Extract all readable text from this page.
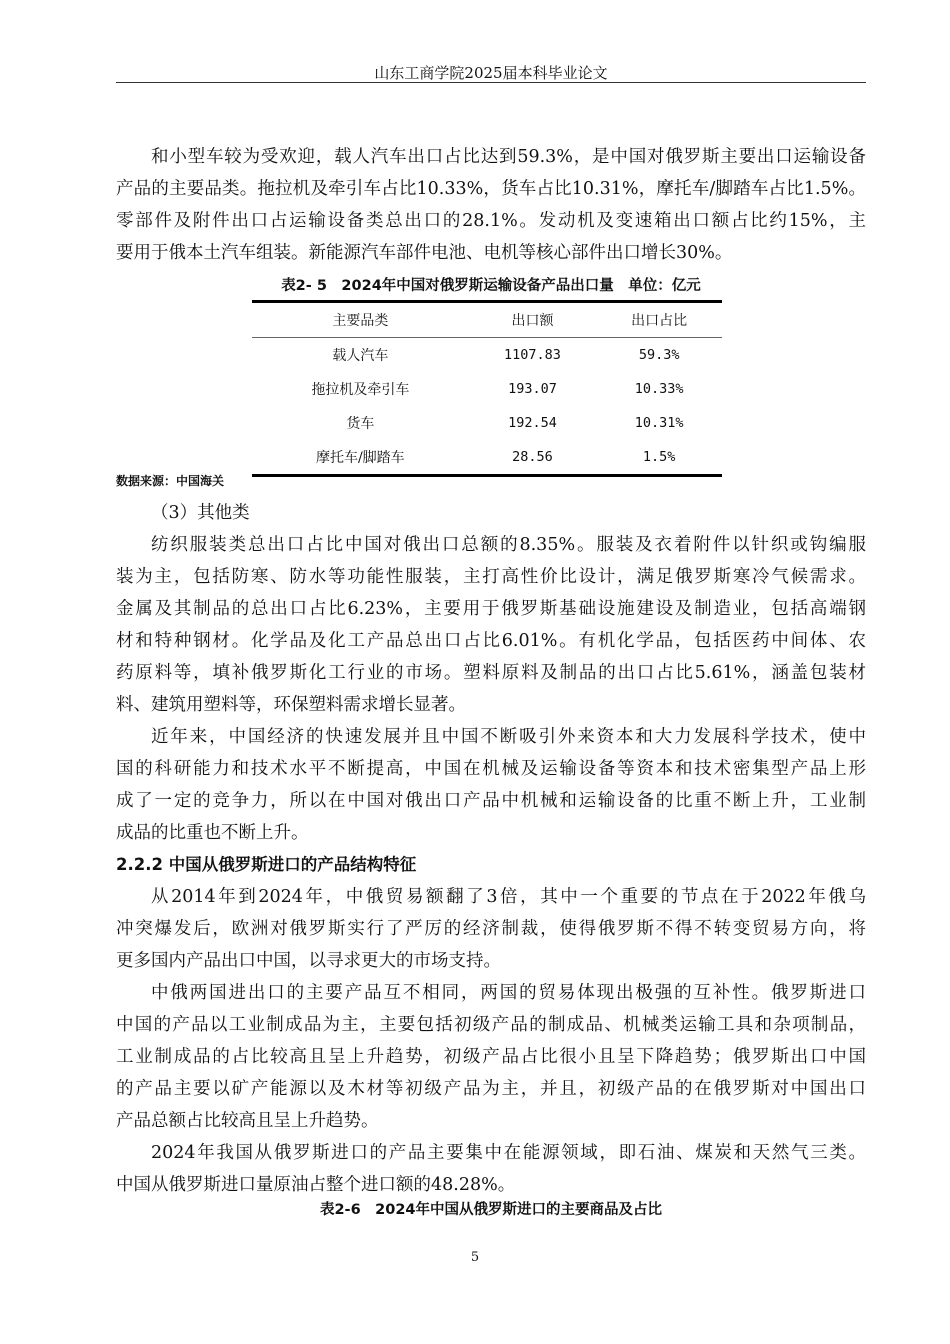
山东工商学院2025届本科毕业论文
和小型车较为受欢迎，载人汽车出口占比达到59.3%，是中国对俄罗斯主要出口运输设备
产品的主要品类。拖拉机及牵引车占比10.33%，货车占比10.31%，摩托车/脚踏车占比1.5%。
零部件及附件出口占运输设备类总出口的28.1%。发动机及变速箱出口额占比约15%，主
要用于俄本土汽车组装。新能源汽车部件电池、电机等核心部件出口增长30%。
表2- 5　2024年中国对俄罗斯运输设备产品出口量　单位：亿元
主要品类	出口额	出口占比
载人汽车	1107.83	59.3%
拖拉机及牵引车	193.07	10.33%
货车	192.54	10.31%
摩托车/脚踏车	28.56	1.5%
数据来源：中国海关
（3）其他类
纺织服装类总出口占比中国对俄出口总额的8.35%。服装及衣着附件以针织或钩编服
装为主，包括防寒、防水等功能性服装，主打高性价比设计，满足俄罗斯寒冷气候需求。
金属及其制品的总出口占比6.23%，主要用于俄罗斯基础设施建设及制造业，包括高端钢
材和特种钢材。化学品及化工产品总出口占比6.01%。有机化学品，包括医药中间体、农
药原料等，填补俄罗斯化工行业的市场。塑料原料及制品的出口占比5.61%，涵盖包装材
料、建筑用塑料等，环保塑料需求增长显著。
近年来，中国经济的快速发展并且中国不断吸引外来资本和大力发展科学技术，使中
国的科研能力和技术水平不断提高，中国在机械及运输设备等资本和技术密集型产品上形
成了一定的竞争力，所以在中国对俄出口产品中机械和运输设备的比重不断上升，工业制
成品的比重也不断上升。
2.2.2 中国从俄罗斯进口的产品结构特征
从2014年到2024年，中俄贸易额翻了3倍，其中一个重要的节点在于2022年俄乌
冲突爆发后，欧洲对俄罗斯实行了严厉的经济制裁，使得俄罗斯不得不转变贸易方向，将
更多国内产品出口中国，以寻求更大的市场支持。
中俄两国进出口的主要产品互不相同，两国的贸易体现出极强的互补性。俄罗斯进口
中国的产品以工业制成品为主，主要包括初级产品的制成品、机械类运输工具和杂项制品，
工业制成品的占比较高且呈上升趋势，初级产品占比很小且呈下降趋势；俄罗斯出口中国
的产品主要以矿产能源以及木材等初级产品为主，并且，初级产品的在俄罗斯对中国出口
产品总额占比较高且呈上升趋势。
2024年我国从俄罗斯进口的产品主要集中在能源领域，即石油、煤炭和天然气三类。
中国从俄罗斯进口量原油占整个进口额的48.28%。
表2-6　2024年中国从俄罗斯进口的主要商品及占比
5
